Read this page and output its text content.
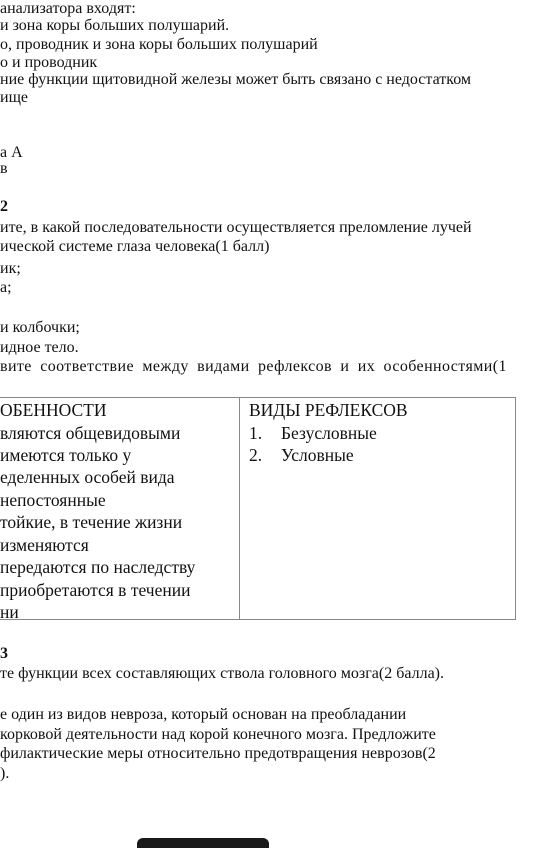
анализатора входят:
и зона коры больших полушарий.
о, проводник и зона коры больших полушарий
о и проводник
ние функции щитовидной железы может быть связано с недостатком
ище
а А
в
2
ите, в какой последовательности осуществляется преломление лучей
ической системе глаза человека(1 балл)
ик;
а;
и колбочки;
идное тело.
вите соответствие между видами рефлексов и их особенностями(1
ОБЕННОСТИ
вляются общевидовыми
имеются только у
еделенных особей вида
непостоянные
тойкие, в течение жизни
изменяются
передаются по наследству
приобретаются в течении
ни
ВИДЫ РЕФЛЕКСОВ
1. Безусловные
2. Условные
3
те функции всех составляющих ствола головного мозга(2 балла).
е один из видов невроза, который основан на преобладании
корковой деятельности над корой конечного мозга. Предложите
филактические меры относительно предотвращения неврозов(2
).
